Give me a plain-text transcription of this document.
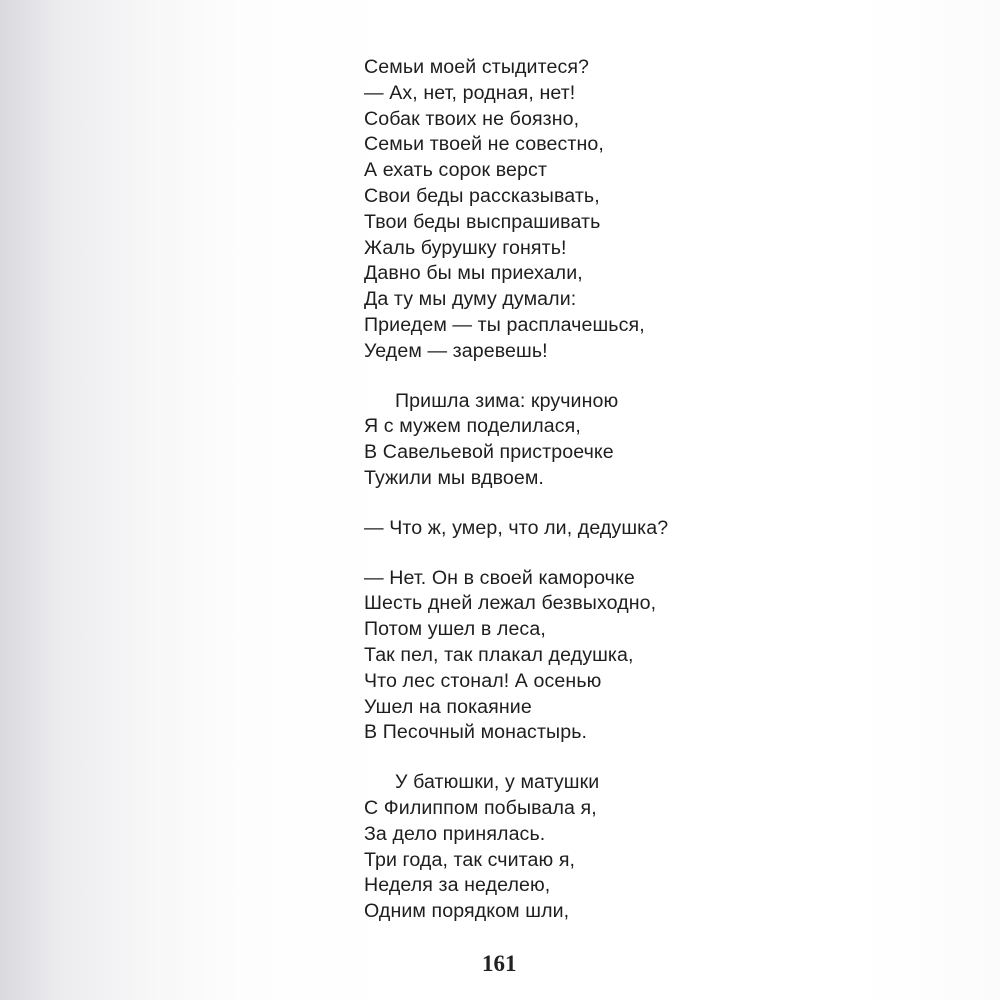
Семьи моей стыдитеся?
— Ах, нет, родная, нет!
Собак твоих не боязно,
Семьи твоей не совестно,
А ехать сорок верст
Свои беды рассказывать,
Твои беды выспрашивать
Жаль бурушку гонять!
Давно бы мы приехали,
Да ту мы думу думали:
Приедем — ты расплачешься,
Уедем — заревешь!
Пришла зима: кручиною
Я с мужем поделилася,
В Савельевой пристроечке
Тужили мы вдвоем.
— Что ж, умер, что ли, дедушка?
— Нет. Он в своей каморочке
Шесть дней лежал безвыходно,
Потом ушел в леса,
Так пел, так плакал дедушка,
Что лес стонал! А осенью
Ушел на покаяние
В Песочный монастырь.
У батюшки, у матушки
С Филиппом побывала я,
За дело принялась.
Три года, так считаю я,
Неделя за неделею,
Одним порядком шли,
161
